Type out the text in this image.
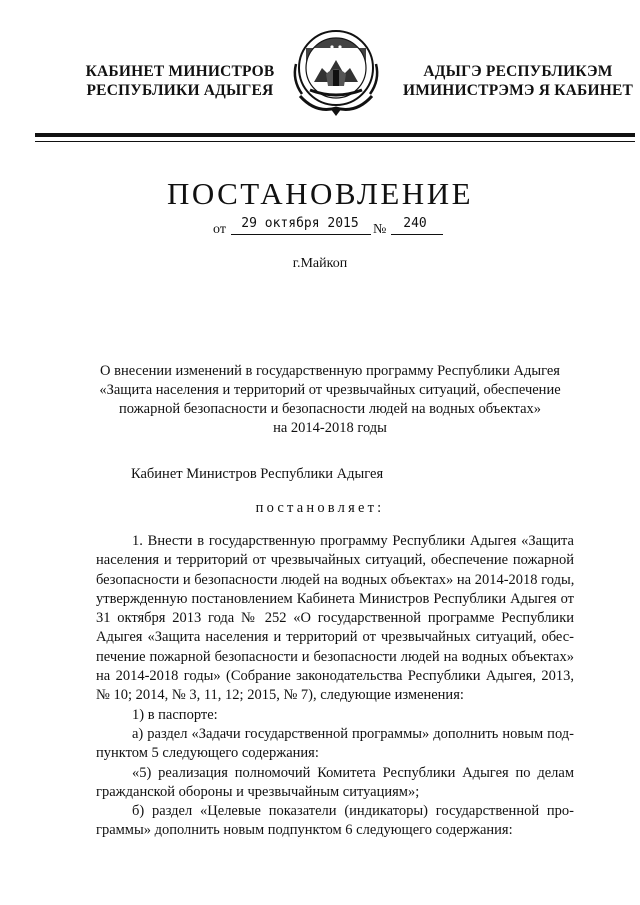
КАБИНЕТ МИНИСТРОВ
РЕСПУБЛИКИ АДЫГЕЯ
АДЫГЭ РЕСПУБЛИКЭМ
ИМИНИСТРЭМЭ Я КАБИНЕТ
ПОСТАНОВЛЕНИЕ
от	29 октября 2015	№	240
г.Майкоп
О внесении изменений в государственную программу Республики Адыгея
«Защита населения и территорий от чрезвычайных ситуаций, обеспечение
пожарной безопасности и безопасности людей на водных объектах»
на 2014-2018 годы
Кабинет Министров Республики Адыгея
постановляет:
1. Внести в государственную программу Республики Адыгея «Защита
населения и территорий от чрезвычайных ситуаций, обеспечение пожарной
безопасности и безопасности людей на водных объектах» на 2014-2018 годы,
утвержденную постановлением Кабинета Министров Республики Адыгея от
31 октября 2013 года № 252 «О государственной программе Республики
Адыгея «Защита населения и территорий от чрезвычайных ситуаций, обес-
печение пожарной безопасности и безопасности людей на водных объектах»
на 2014-2018 годы» (Собрание законодательства Республики Адыгея, 2013,
№ 10; 2014, № 3, 11, 12; 2015, № 7), следующие изменения:
1) в паспорте:
а) раздел «Задачи государственной программы» дополнить новым под-
пунктом 5 следующего содержания:
«5) реализация полномочий Комитета Республики Адыгея по делам
гражданской обороны и чрезвычайным ситуациям»;
б) раздел «Целевые показатели (индикаторы) государственной про-
граммы» дополнить новым подпунктом 6 следующего содержания:
